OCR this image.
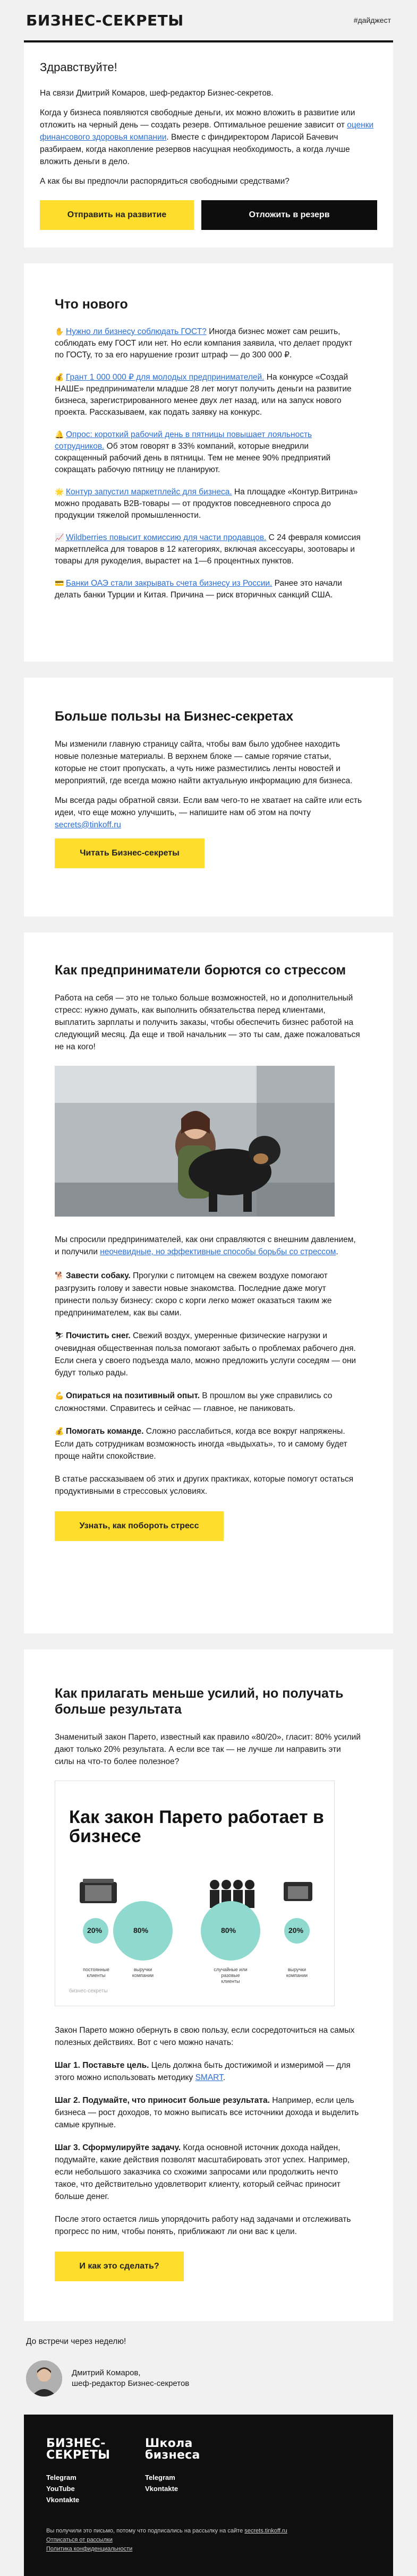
БИЗНЕС-СЕКРЕТЫ	#дайджест
Здравствуйте!

На связи Дмитрий Комаров, шеф-редактор Бизнес-секретов.

Когда у бизнеса появляются свободные деньги, их можно вложить в развитие или отложить на черный день — создать резерв. Оптимальное решение зависит от оценки финансового здоровья компании. Вместе с финдиректором Ларисой Бачевич разбираем, когда накопление резервов насущная необходимость, а когда лучше вложить деньги в дело.

А как бы вы предпочли распорядиться свободными средствами?

Отправить на развитие	Отложить в резерв
Что нового
✋ Нужно ли бизнесу соблюдать ГОСТ? Иногда бизнес может сам решить, соблюдать ему ГОСТ или нет. Но если компания заявила, что делает продукт по ГОСТу, то за его нарушение грозит штраф — до 300 000 ₽.
💰 Грант 1 000 000 ₽ для молодых предпринимателей. На конкурсе «Создай НАШЕ» предприниматели младше 28 лет могут получить деньги на развитие бизнеса, зарегистрированного менее двух лет назад, или на запуск нового проекта. Рассказываем, как подать заявку на конкурс.
🔔 Опрос: короткий рабочий день в пятницы повышает лояльность сотрудников. Об этом говорят в 33% компаний, которые внедрили сокращенный рабочий день в пятницы. Тем не менее 90% предприятий сокращать рабочую пятницу не планируют.
🌟 Контур запустил маркетплейс для бизнеса. На площадке «Контур.Витрина» можно продавать B2B-товары — от продуктов повседневного спроса до продукции тяжелой промышленности.
📈 Wildberries повысит комиссию для части продавцов. С 24 февраля комиссия маркетплейса для товаров в 12 категориях, включая аксессуары, зоотовары и товары для рукоделия, вырастет на 1—6 процентных пунктов.
💳 Банки ОАЭ стали закрывать счета бизнесу из России. Ранее это начали делать банки Турции и Китая. Причина — риск вторичных санкций США.
Больше пользы на Бизнес-секретах

Мы изменили главную страницу сайта, чтобы вам было удобнее находить новые полезные материалы. В верхнем блоке — самые горячие статьи, которые не стоит пропускать, а чуть ниже разместились ленты новостей и мероприятий, где всегда можно найти актуальную информацию для бизнеса.

Мы всегда рады обратной связи. Если вам чего-то не хватает на сайте или есть идеи, что еще можно улучшить, — напишите нам об этом на почту secrets@tinkoff.ru

Читать Бизнес-секреты
Как предприниматели борются со стрессом

Работа на себя — это не только больше возможностей, но и дополнительный стресс: нужно думать, как выполнить обязательства перед клиентами, выплатить зарплаты и получить заказы, чтобы обеспечить бизнес работой на следующий месяц. Да еще и твой начальник — это ты сам, даже пожаловаться не на кого!

Мы спросили предпринимателей, как они справляются с внешним давлением, и получили неочевидные, но эффективные способы борьбы со стрессом.

🐕 Завести собаку. Прогулки с питомцем на свежем воздухе помогают разгрузить голову и завести новые знакомства. Последние даже могут принести пользу бизнесу: скоро с корги легко может оказаться таким же предпринимателем, как вы сами.

⛷ Почистить снег. Свежий воздух, умеренные физические нагрузки и очевидная общественная польза помогают забыть о проблемах рабочего дня. Если снега у своего подъезда мало, можно предложить услуги соседям — они будут только рады.

💪 Опираться на позитивный опыт. В прошлом вы уже справились со сложностями. Справитесь и сейчас — главное, не паниковать.

💰 Помогать команде. Сложно расслабиться, когда все вокруг напряжены. Если дать сотрудникам возможность иногда «выдыхать», то и самому будет проще найти спокойствие.

В статье рассказываем об этих и других практиках, которые помогут остаться продуктивными в стрессовых условиях.

Узнать, как побороть стресс
Как прилагать меньше усилий, но получать больше результата

Знаменитый закон Парето, известный как правило «80/20», гласит: 80% усилий дают только 20% результата. А если все так — не лучше ли направить эти силы на что-то более полезное?

Как закон Парето работает в бизнесе
20%	80%	80%	20%
постоянные клиенты
выручки компании
случайные или разовые клиенты
выручки компании
бизнес-секреты

Закон Парето можно обернуть в свою пользу, если сосредоточиться на самых полезных действиях. Вот с чего можно начать:

Шаг 1. Поставьте цель. Цель должна быть достижимой и измеримой — для этого можно использовать методику SMART.

Шаг 2. Подумайте, что приносит больше результата. Например, если цель бизнеса — рост доходов, то можно выписать все источники дохода и выделить самые крупные.

Шаг 3. Сформулируйте задачу. Когда основной источник дохода найден, подумайте, какие действия позволят масштабировать этот успех. Например, если небольшого заказчика со схожими запросами или продолжить нечто такое, что действительно удовлетворит клиенту, который сейчас приносит больше денег.

После этого остается лишь упорядочить работу над задачами и отслеживать прогресс по ним, чтобы понять, приближают ли они вас к цели.

И как это сделать?
До встречи через неделю!
Дмитрий Комаров,
шеф-редактор Бизнес-секретов
БИЗНЕС-
СЕКРЕТЫ
Школа
бизнеса
Telegram
YouTube
Vkontakte
Telegram
Vkontakte
Вы получили это письмо, потому что подписались на рассылку на сайте secrets.tinkoff.ru
Отписаться от рассылки
Политика конфиденциальности
